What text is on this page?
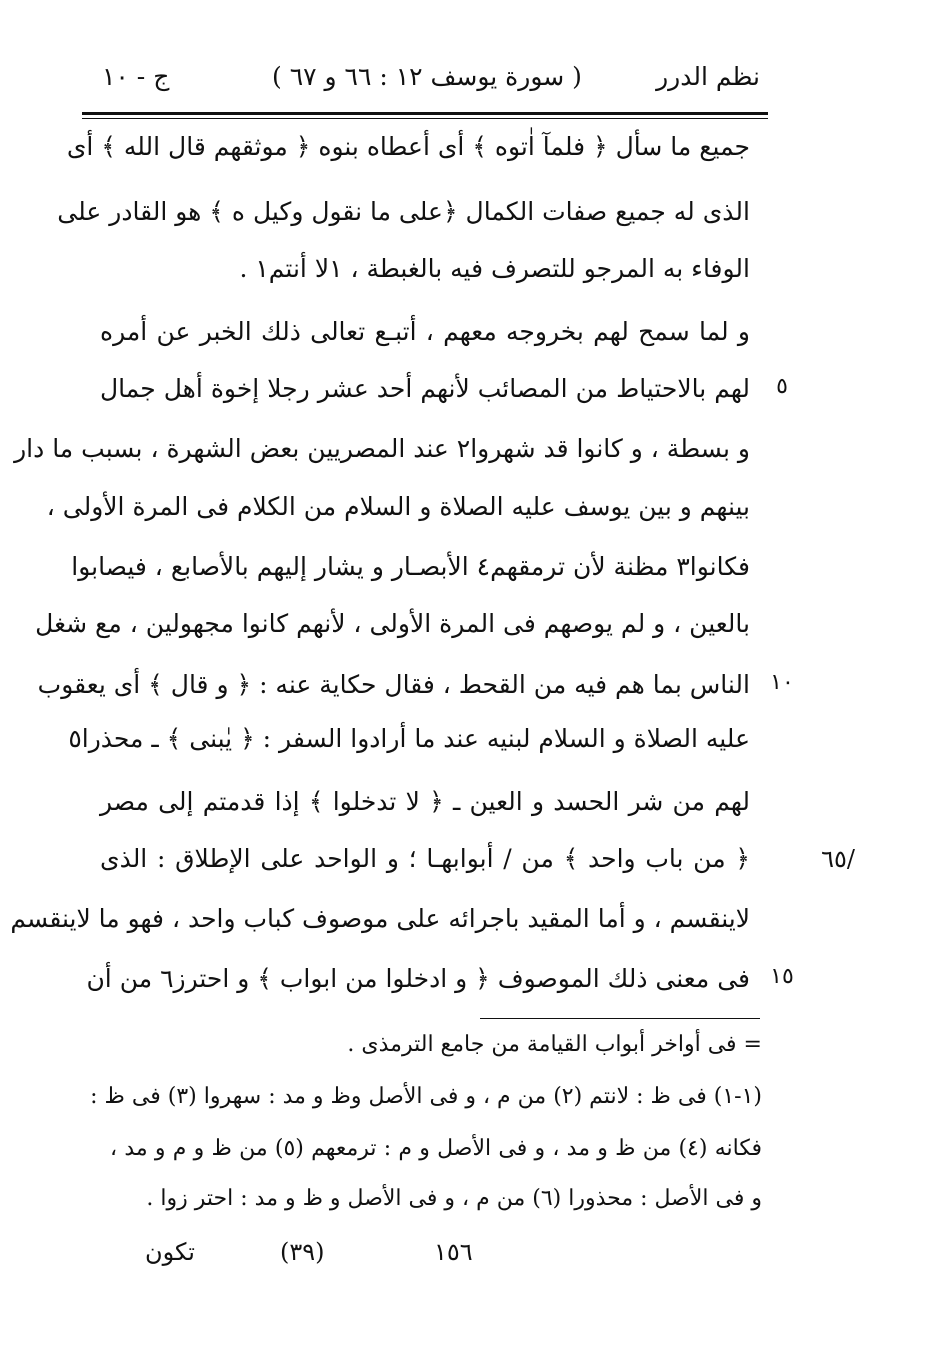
نظم الدرر
( سورة يوسف ١٢ : ٦٦ و ٦٧ )
ج - ١٠
جميع ما سأل ﴿ فلمآ اٰتوه ﴾ أى أعطاه بنوه ﴿ موثقهم قال الله ﴾ أى
الذى له جميع صفات الكمال ﴿على ما نقول وكيل ه ﴾ هو القادر على
الوفاء به المرجو للتصرف فيه بالغبطة ، ١لا أنتم١ .
و لما سمح لهم بخروجه معهم ، أتبـع تعالى ذلك الخبر عن أمره
لهم بالاحتياط من المصائب لأنهم أحد عشر رجلا إخوة أهل جمال
و بسطة ، و كانوا قد شهروا٢ عند المصريين بعض الشهرة ، بسبب ما دار
بينهم و بين يوسف عليه الصلاة و السلام من الكلام فى المرة الأولى ،
فكانوا٣ مظنة لأن ترمقهم٤ الأبصـار و يشار إليهم بالأصابع ، فيصابوا
بالعين ، و لم يوصهم فى المرة الأولى ، لأنهم كانوا مجهولين ، مع شغل
الناس بما هم فيه من القحط ، فقال حكاية عنه : ﴿ و قال ﴾ أى يعقوب
عليه الصلاة و السلام لبنيه عند ما أرادوا السفر : ﴿ يٰبنى ﴾ ـ محذرا٥
لهم من شر الحسد و العين ـ ﴿ لا تدخلوا ﴾ إذا قدمتم إلى مصر
﴿ من باب واحد ﴾ من / أبوابهـا ؛ و الواحد على الإطلاق : الذى
لاينقسم ، و أما المقيد باجرائه على موصوف كباب واحد ، فهو ما لاينقسم
فى معنى ذلك الموصوف ﴿ و ادخلوا من ابواب ﴾ و احترز٦ من أن
٥
١٠
١٥
/٦٥
= فى أواخر أبواب القيامة من جامع الترمذى .
(١-١) فى ظ : لانتم (٢) من م ، و فى الأصل وظ و مد : سهروا (٣) فى ظ :
فكانه (٤) من ظ و مد ، و فى الأصل و م : ترمعهم (٥) من ظ و م و مد ،
و فى الأصل : محذورا (٦) من م ، و فى الأصل و ظ و مد : احتر زوا .
١٥٦
(٣٩)
تكون
